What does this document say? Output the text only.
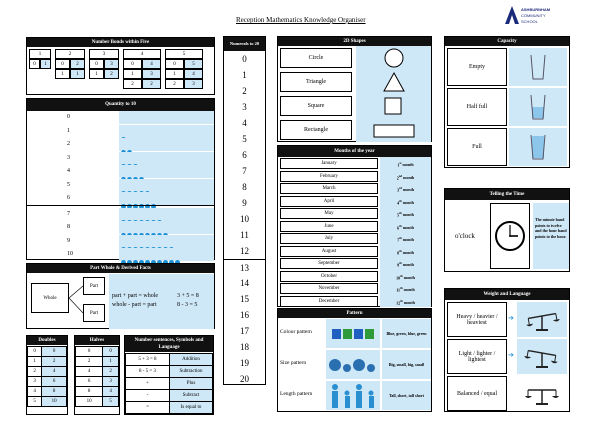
Reception Mathematics Knowledge Organiser
ASHBURNHAM
COMMUNITY
SCHOOL
Number Bonds within Five
1
0	1
2
0	2
1	1
3
0	3
1	2
4
0	4
1	3
2	2
5
0	5
1	4
2	3
Quantity to 10
0
1
2
3
4
5
6
7
8
9
10
Part Whole & Derived Facts
Whole
Part
Part
part + part = whole
whole - part = part
3 + 5 = 8
8 - 3 = 5
Doubles
0	0
1	2
2	4
3	6
4	8
5	10
Halves
0	0
2	1
4	2
6	3
8	4
10	5
Number sentences, Symbols and Language
5 + 3 = 8	Addition
8 - 5 = 3	Subtraction
+	Plus
-	Subtract
=	Is equal to
Numerals to 20
0
1
2
3
4
5
6
7
8
9
10
11
12
13
14
15
16
17
18
19
20
2D Shapes
Circle
Triangle
Square
Rectangle
Months of the year
January	1stmonth
February	2ndmonth
March	3rdmonth
April	4thmonth
May	5thmonth
June	6thmonth
July	7thmonth
August	8thmonth
September	9thmonth
October	10thmonth
November	11thmonth
December	12thmonth
Pattern
Colour pattern	Blue, green, blue, green
Size pattern	Big, small, big, small
Length pattern	Tall, short, tall short
Capacity
Empty
Half full
Full
Telling the Time
o'clock
The minute hand points to twelve and the hour hand points to the hour.
Weight and Language
Heavy / heavier / heaviest
➔
Light / lighter / lightest
➔
Balanced / equal
